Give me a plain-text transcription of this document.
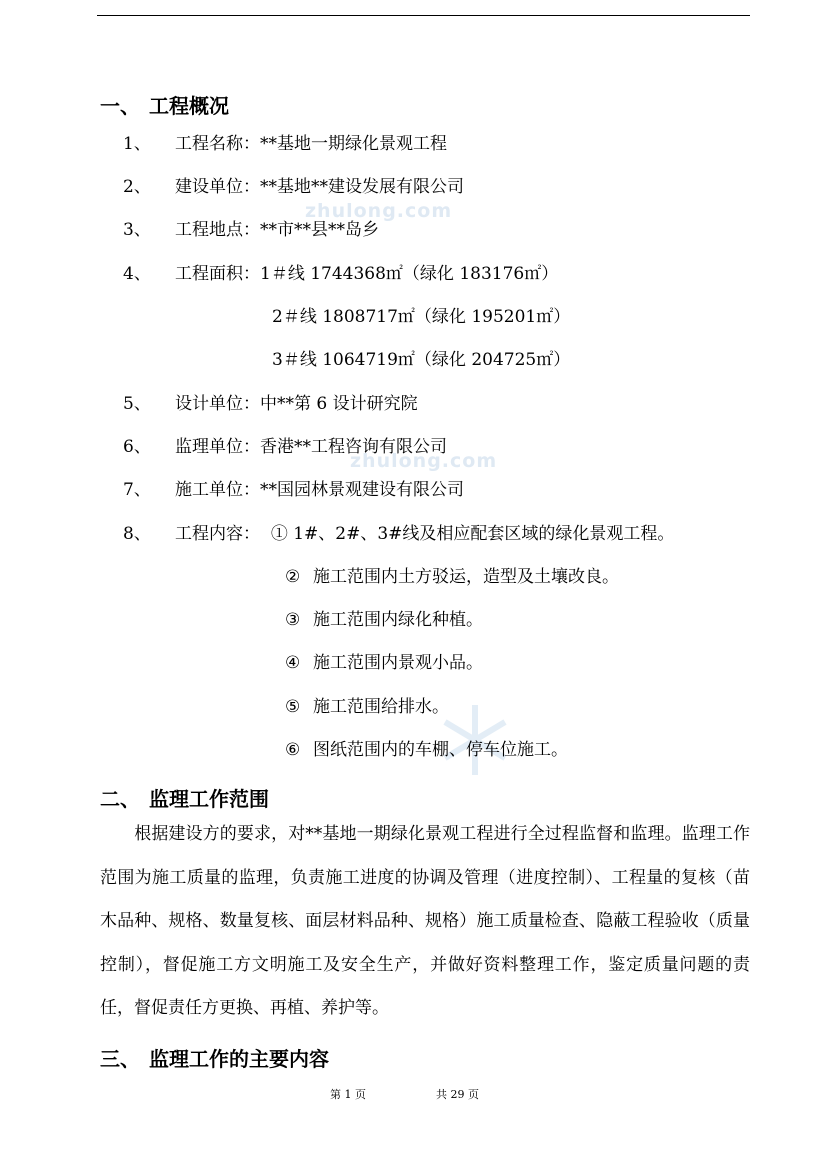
zhulong.com
zhulong.com
一、 工程概况
1、 工程名称：**基地一期绿化景观工程
2、 建设单位：**基地**建设发展有限公司
3、 工程地点：**市**县**岛乡
4、 工程面积：1＃线 1744368㎡（绿化 183176㎡）
2＃线 1808717㎡（绿化 195201㎡）
3＃线 1064719㎡（绿化 204725㎡）
5、 设计单位：中**第 6 设计研究院
6、 监理单位：香港**工程咨询有限公司
7、 施工单位：**国园林景观建设有限公司
8、 工程内容： ① 1#、2#、3#线及相应配套区域的绿化景观工程。
② 施工范围内土方驳运，造型及土壤改良。
③ 施工范围内绿化种植。
④ 施工范围内景观小品。
⑤ 施工范围给排水。
⑥ 图纸范围内的车棚、停车位施工。
二、 监理工作范围

　　根据建设方的要求，对**基地一期绿化景观工程进行全过程监督和监理。监理工作范围为施工质量的监理，负责施工进度的协调及管理（进度控制）、工程量的复核（苗木品种、规格、数量复核、面层材料品种、规格）施工质量检查、隐蔽工程验收（质量控制），督促施工方文明施工及安全生产，并做好资料整理工作，鉴定质量问题的责任，督促责任方更换、再植、养护等。

三、 监理工作的主要内容
第 1 页	共 29 页
